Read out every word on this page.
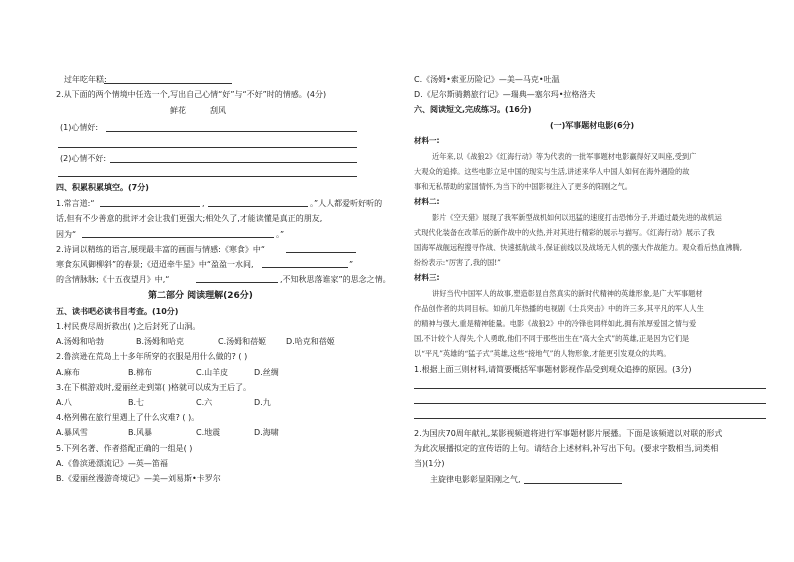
过年吃年糕:
2.从下面的两个情境中任选一个,写出自己心情“好”与“不好”时的情感。(4分)
鲜花	刮风
(1)心情好:
(2)心情不好:
四、积累积累填空。(7分)
1.常言道:“	,	。”人人都爱听好听的
话,但有不少善意的批评才会让我们更强大;相处久了,才能读懂是真正的朋友,
因为“	。”
2.诗词以精练的语言,展现最丰富的画面与情感:《寒食》中“
寒食东风御柳斜”的春景;《迢迢牵牛星》中“盈盈一水间,	”
的含情脉脉;《十五夜望月》中,“	,不知秋思落谁家”的思念之情。
第二部分 阅读理解(26分)
五、读书吧必读书目考查。(10分)
1.村民费尽周折救出( )之后封死了山洞。
A.汤姆和哈勃	B.汤姆和哈克	C.汤姆和蓓姬 D.哈克和蓓姬
2.鲁滨逊在荒岛上十多年所穿的衣服是用什么做的? ( )
A.麻布	B.棉布	C.山羊皮	D.丝绸
3.在下棋游戏时,爱丽丝走到第( )格就可以成为王后了。
A.八	B.七	C.六	D.九
4.格列佛在旅行里遇上了什么灾难? ( )。
A.暴风雪	B.风暴	C.地震	D.海啸
5.下列名著、作者搭配正确的一组是( )
A.《鲁滨逊漂流记》—英—笛福
B.《爱丽丝漫游奇境记》—美—刘易斯•卡罗尔
C.《汤姆•索亚历险记》—美—马克•吐温
D.《尼尔斯骑鹅旅行记》—瑞典—塞尔玛•拉格洛夫
六、阅读短文,完成练习。(16分)
(一)军事题材电影(6分)
材料一:
近年来,以《战狼2》《红海行动》等为代表的一批军事题材电影赢得好又叫座,受到广
大观众的追捧。这些电影立足中国的现实与生活,讲述来华人中国人如何在海外遇险的故
事和无私帮助的家国情怀,为当下的中国影视注入了更多的阳刚之气。
材料二:
影片《空天猎》展现了我军新型战机如何以迅猛的速度打击恐怖分子,并通过最先进的战机运
式现代化装备在改革后的新作战中的火热,并对其进行精彩的展示与描写。《红海行动》展示了我
国海军战舰远程搜寻作战、快速抵航战斗,保证前线以及战场无人机的强大作战能力。观众看后热血沸腾,
纷纷表示:“厉害了,我的国!”
材料三:
讲好当代中国军人的故事,塑造彰显自然真实的新时代精神的英雄形象,是广大军事题材
作品创作者的共同目标。如前几年热播的电视剧《士兵突击》中的许三多,其平凡的军人人生
的精神与强大,重是精神能量。电影《战狼2》中的冷锋也同样如此,拥有浓厚爱国之情与爱
国,不计较个人得失,个人勇敢,他们不同于那些出生在“高大全式”的英雄,正是因为它们是
以“平凡”英雄的“猛子式”英雄,这些“接地气”的人物形象,才能更引发观众的共鸣。
1.根据上面三则材料,请简要概括军事题材影视作品受到观众追捧的原因。(3分)
2.为国庆70周年献礼,某影视频道将进行军事题材影片展播。下面是该频道以对联的形式
为此次展播拟定的宣传语的上句。请结合上述材料,补写出下句。(要求字数相当,词类相
当)(1分)
主旋律电影彰显阳刚之气,
